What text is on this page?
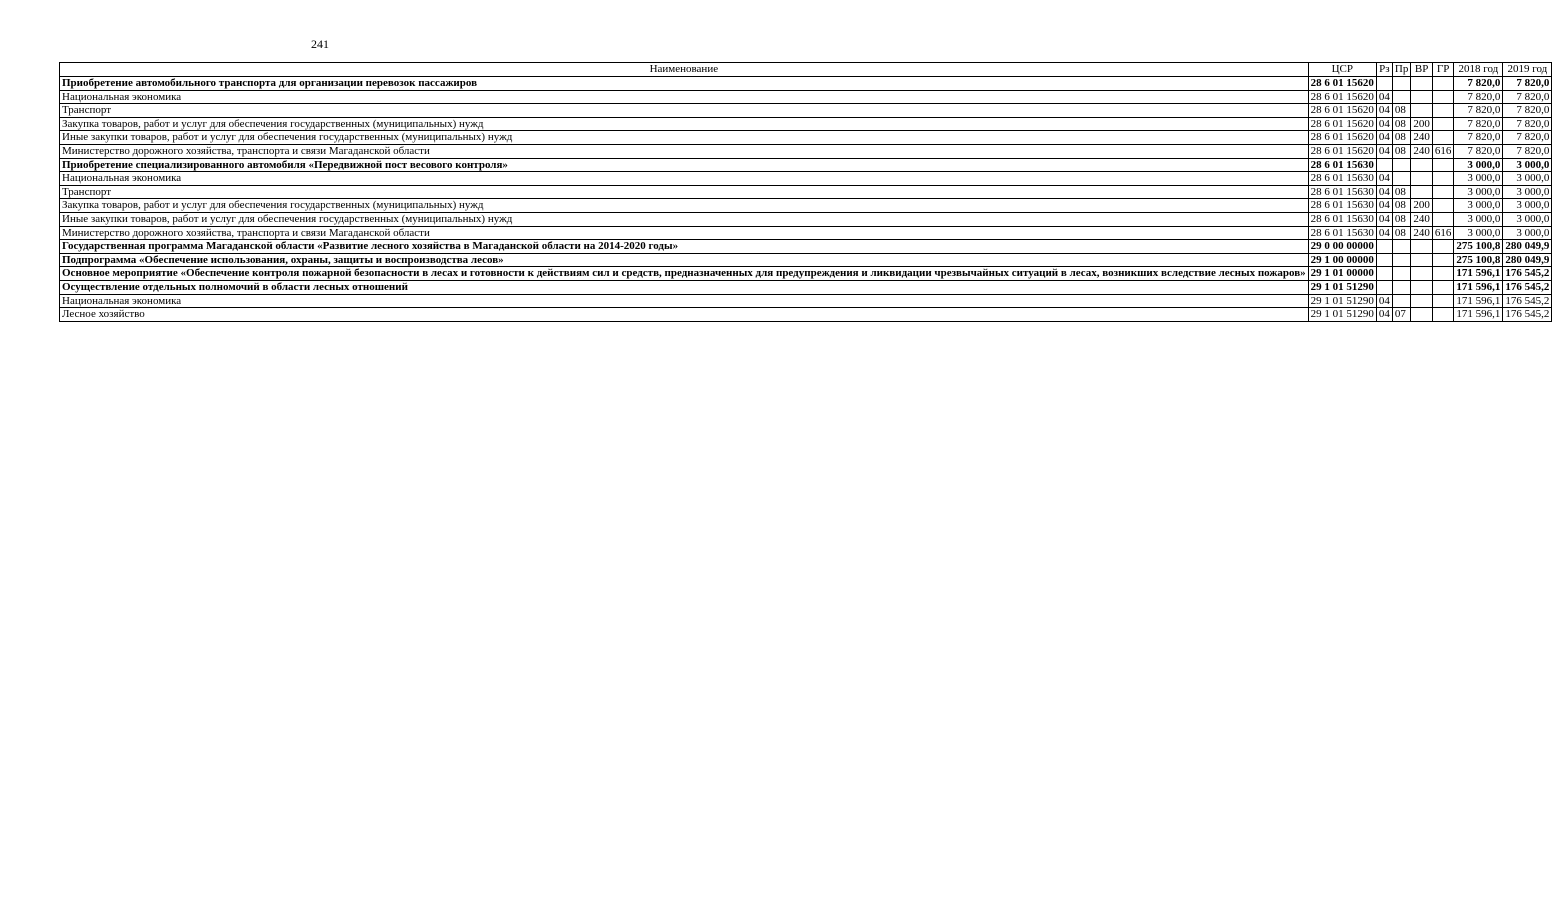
241
Наименование	ЦСР	Рз	Пр	ВР	ГР	2018 год	2019 год
Приобретение автомобильного транспорта для организации перевозок пассажиров	28 6 01 15620					7 820,0	7 820,0
Национальная экономика	28 6 01 15620	04				7 820,0	7 820,0
Транспорт	28 6 01 15620	04	08			7 820,0	7 820,0
Закупка товаров, работ и услуг для обеспечения государственных (муниципальных) нужд	28 6 01 15620	04	08	200		7 820,0	7 820,0
Иные закупки товаров, работ и услуг для обеспечения государственных (муниципальных) нужд	28 6 01 15620	04	08	240		7 820,0	7 820,0
Министерство дорожного хозяйства, транспорта и связи Магаданской области	28 6 01 15620	04	08	240	616	7 820,0	7 820,0
Приобретение специализированного автомобиля «Передвижной пост весового контроля»	28 6 01 15630					3 000,0	3 000,0
Национальная экономика	28 6 01 15630	04				3 000,0	3 000,0
Транспорт	28 6 01 15630	04	08			3 000,0	3 000,0
Закупка товаров, работ и услуг для обеспечения государственных (муниципальных) нужд	28 6 01 15630	04	08	200		3 000,0	3 000,0
Иные закупки товаров, работ и услуг для обеспечения государственных (муниципальных) нужд	28 6 01 15630	04	08	240		3 000,0	3 000,0
Министерство дорожного хозяйства, транспорта и связи Магаданской области	28 6 01 15630	04	08	240	616	3 000,0	3 000,0
Государственная программа Магаданской области «Развитие лесного хозяйства в Магаданской области на 2014-2020 годы»	29 0 00 00000					275 100,8	280 049,9
Подпрограмма «Обеспечение использования, охраны, защиты и воспроизводства лесов»	29 1 00 00000					275 100,8	280 049,9
Основное мероприятие «Обеспечение контроля пожарной безопасности в лесах и готовности к действиям сил и средств, предназначенных для предупреждения и ликвидации чрезвычайных ситуаций в лесах, возникших вследствие лесных пожаров»	29 1 01 00000					171 596,1	176 545,2
Осуществление отдельных полномочий в области лесных отношений	29 1 01 51290					171 596,1	176 545,2
Национальная экономика	29 1 01 51290	04				171 596,1	176 545,2
Лесное хозяйство	29 1 01 51290	04	07			171 596,1	176 545,2
